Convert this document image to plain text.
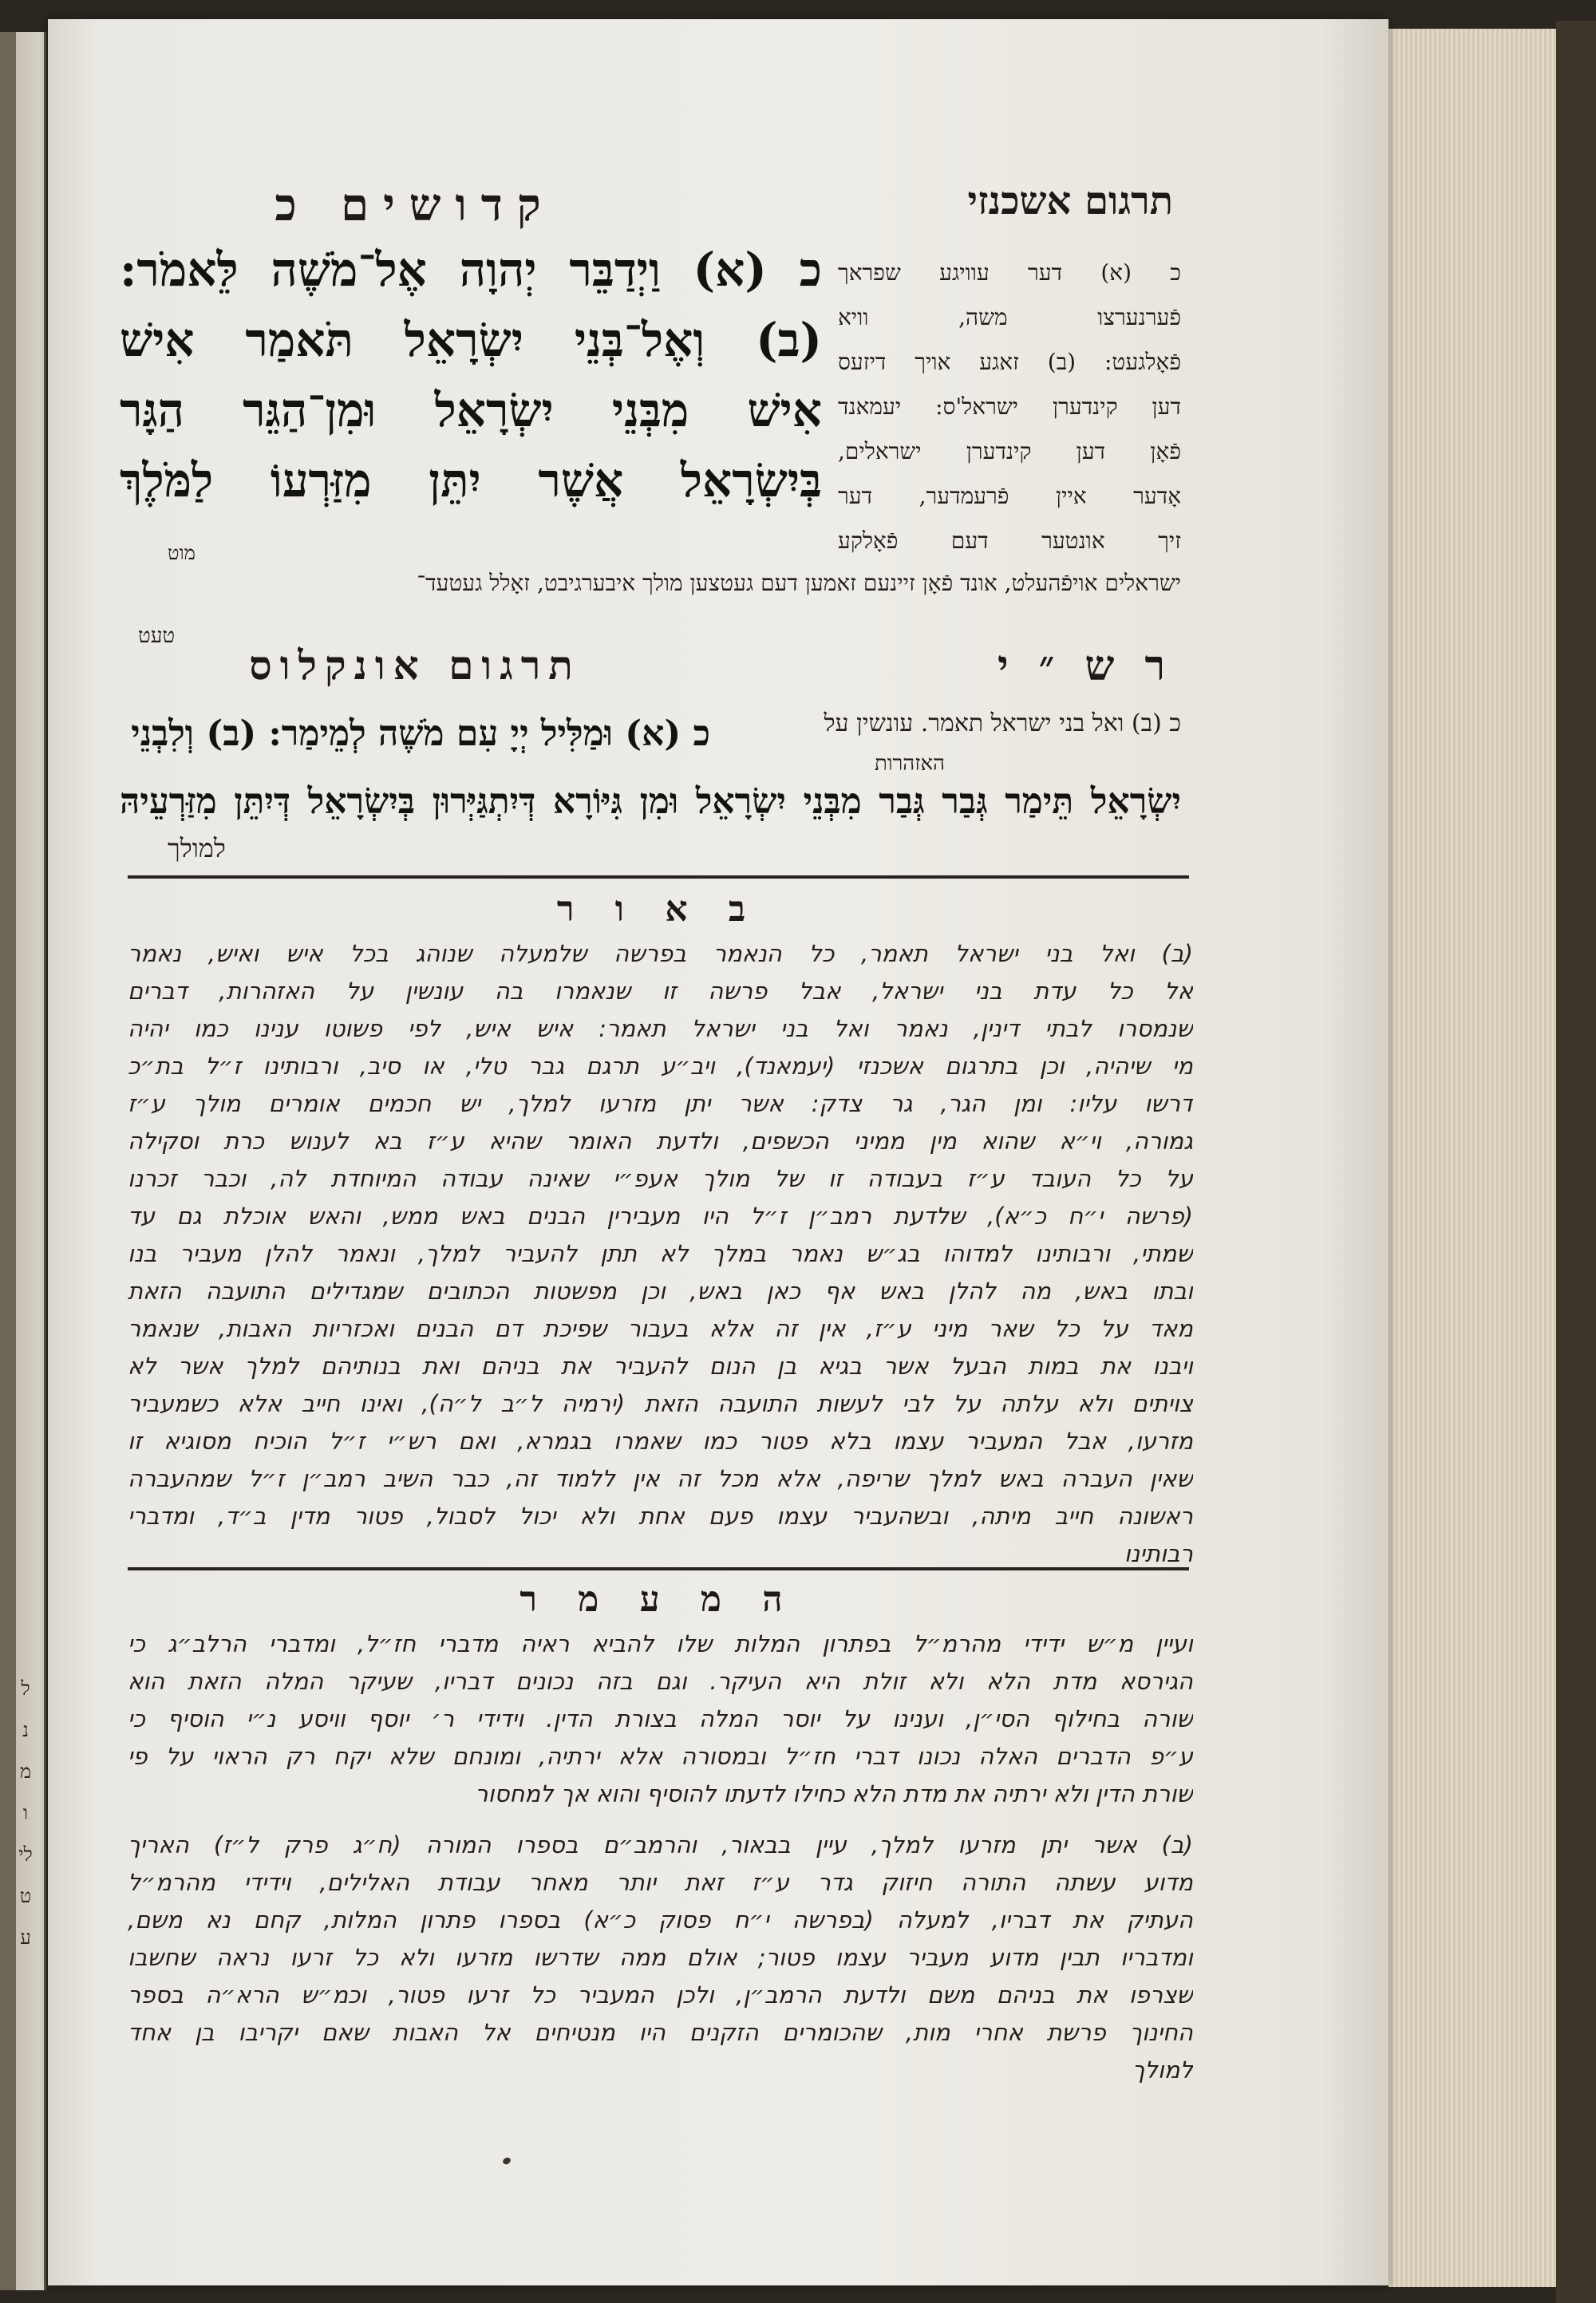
ל
נ
מ
ו
לי
ט
ע
תרגום אשכנזי
קדושים כ
כ (א) וַיְדַבֵּר יְהוָה אֶל־מֹשֶׁה לֵּאמֹר:
(ב) וְאֶל־בְּנֵי יִשְׂרָאֵל תֹּאמַר אִישׁ
אִישׁ מִבְּנֵי יִשְׂרָאֵל וּמִן־הַגֵּר הַגָּר
בְּיִשְׂרָאֵל אֲשֶׁר יִתֵּן מִזַּרְעוֹ לַמֹּלֶךְ
כ (א) דער עוויגע שפראך
פֿערנערצו משה, וויא
פֿאָלגעט: (ב) זאגע אויך דיזעס
דען קינדערן ישראל'ס: יעמאנד
פֿאָן דען קינדערן ישראלים,
אָדער איין פֿרעמדער, דער
זיך אונטער דעם פֿאָלקע
מוט
ישראלים אויפֿהעלט, אונד פֿאָן זיינעם זאמען דעם געטצען מולך איבערגיבט, זאָלל געטעד־
טעט
ר ש ״ י
תרגום אונקלוס
כ (ב) ואל בני ישראל תאמר. עונשין על
האזהרות
כ (א) וּמַלִּיל יְיָ עִם מֹשֶׁה לְמֵימַר: (ב) וְלִבְנֵי
יִשְׂרָאֵל תֵּימַר גְּבַר גְּבַר מִבְּנֵי יִשְׂרָאֵל וּמִן גִּיּוֹרָא דְּיִתְגַּיְּרוּן בְּיִשְׂרָאֵל דְּיִתֵּן מִזַּרְעֵיהּ
למולך
ב א ו ר
(ב) ואל בני ישראל תאמר, כל הנאמר בפרשה שלמעלה שנוהג בכל איש ואיש, נאמר
אל כל עדת בני ישראל, אבל פרשה זו שנאמרו בה עונשין על האזהרות, דברים
שנמסרו לבתי דינין, נאמר ואל בני ישראל תאמר: איש איש, לפי פשוטו ענינו כמו יהיה
מי שיהיה, וכן בתרגום אשכנזי (יעמאנד), ויב״ע תרגם גבר טלי, או סיב, ורבותינו ז״ל בת״כ
דרשו עליו: ומן הגר, גר צדק: אשר יתן מזרעו למלך, יש חכמים אומרים מולך ע״ז
גמורה, וי״א שהוא מין ממיני הכשפים, ולדעת האומר שהיא ע״ז בא לענוש כרת וסקילה
על כל העובד ע״ז בעבודה זו של מולך אעפ״י שאינה עבודה המיוחדת לה, וכבר זכרנו
(פרשה י״ח כ״א), שלדעת רמב״ן ז״ל היו מעבירין הבנים באש ממש, והאש אוכלת גם עד
שמתי, ורבותינו למדוהו בג״ש נאמר במלך לא תתן להעביר למלך, ונאמר להלן מעביר בנו
ובתו באש, מה להלן באש אף כאן באש, וכן מפשטות הכתובים שמגדילים התועבה הזאת
מאד על כל שאר מיני ע״ז, אין זה אלא בעבור שפיכת דם הבנים ואכזריות האבות, שנאמר
ויבנו את במות הבעל אשר בגיא בן הנום להעביר את בניהם ואת בנותיהם למלך אשר לא
צויתים ולא עלתה על לבי לעשות התועבה הזאת (ירמיה ל״ב ל״ה), ואינו חייב אלא כשמעביר
מזרעו, אבל המעביר עצמו בלא פטור כמו שאמרו בגמרא, ואם רש״י ז״ל הוכיח מסוגיא זו
שאין העברה באש למלך שריפה, אלא מכל זה אין ללמוד זה, כבר השיב רמב״ן ז״ל שמהעברה
ראשונה חייב מיתה, ובשהעביר עצמו פעם אחת ולא יכול לסבול, פטור מדין ב״ד, ומדברי
רבותינו
ה מ ע מ ר
ועיין מ״ש ידידי מהרמ״ל בפתרון המלות שלו להביא ראיה מדברי חז״ל, ומדברי הרלב״ג כי
הגירסא מדת הלא ולא זולת היא העיקר. וגם בזה נכונים דבריו, שעיקר המלה הזאת הוא
שורה בחילוף הסי״ן, וענינו על יוסר המלה בצורת הדין. וידידי ר׳ יוסף וויסע נ״י הוסיף כי
ע״פ הדברים האלה נכונו דברי חז״ל ובמסורה אלא ירתיה, ומונחם שלא יקח רק הראוי על פי
שורת הדין ולא ירתיה את מדת הלא כחילו לדעתו להוסיף והוא אך למחסור
(ב) אשר יתן מזרעו למלך, עיין בבאור, והרמב״ם בספרו המורה (ח״ג פרק ל״ז) האריך
מדוע עשתה התורה חיזוק גדר ע״ז זאת יותר מאחר עבודת האלילים, וידידי מהרמ״ל
העתיק את דבריו, למעלה (בפרשה י״ח פסוק כ״א) בספרו פתרון המלות, קחם נא משם,
ומדבריו תבין מדוע מעביר עצמו פטור; אולם ממה שדרשו מזרעו ולא כל זרעו נראה שחשבו
שצרפו את בניהם משם ולדעת הרמב״ן, ולכן המעביר כל זרעו פטור, וכמ״ש הרא״ה בספר
החינוך פרשת אחרי מות, שהכומרים הזקנים היו מנטיחים אל האבות שאם יקריבו בן אחד
למולך
